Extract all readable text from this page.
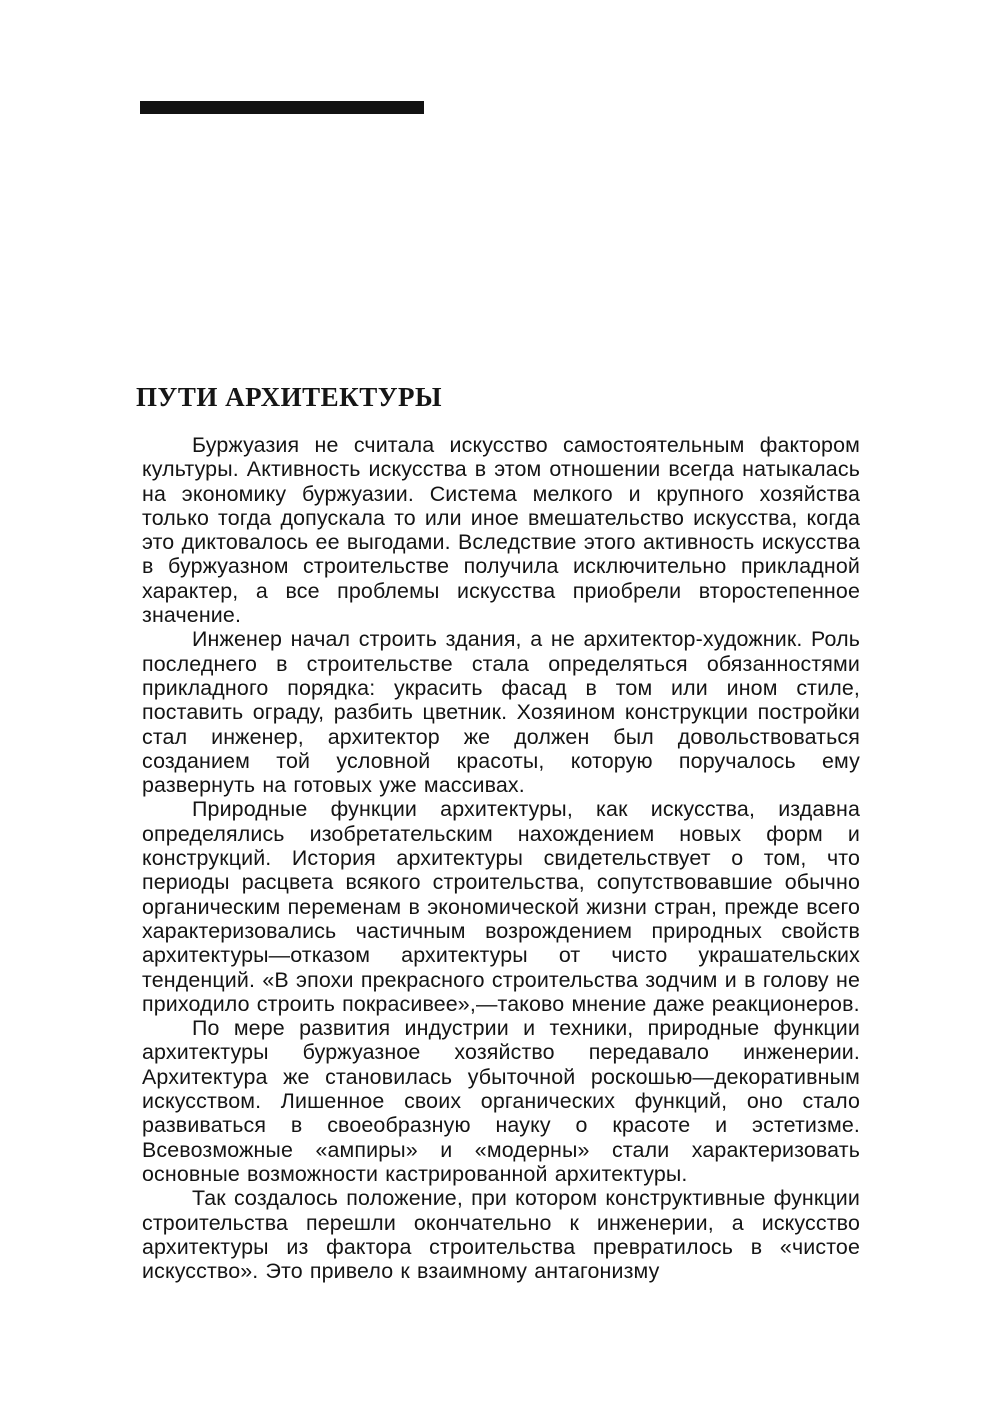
ПУТИ АРХИТЕКТУРЫ

Буржуазия не считала искусство самостоятельным фактором культуры. Активность искусства в этом отношении всегда натыкалась на экономику буржуазии. Система мелкого и крупного хозяйства только тогда допускала то или иное вмешательство искусства, когда это диктовалось ее выгодами. Вследствие этого активность искусства в буржуазном строительстве получила исключительно прикладной характер, а все проблемы искусства приобрели второстепенное значение.

Инженер начал строить здания, а не архитектор-художник. Роль последнего в строительстве стала определяться обязанностями прикладного порядка: украсить фасад в том или ином стиле, поставить ограду, разбить цветник. Хозяином конструкции постройки стал инженер, архитектор же должен был довольствоваться созданием той условной красоты, которую поручалось ему развернуть на готовых уже массивах.

Природные функции архитектуры, как искусства, издавна определялись изобретательским нахождением новых форм и конструкций. История архитектуры свидетельствует о том, что периоды расцвета всякого строительства, сопутствовавшие обычно органическим переменам в экономической жизни стран, прежде всего характеризовались частичным возрождением природных свойств архитектуры—отказом архитектуры от чисто украшательских тенденций. «В эпохи прекрасного строительства зодчим и в голову не приходило строить покрасивее»,—таково мнение даже реакционеров.

По мере развития индустрии и техники, природные функции архитектуры буржуазное хозяйство передавало инженерии. Архитектура же становилась убыточной роскошью—декоративным искусством. Лишенное своих органических функций, оно стало развиваться в своеобразную науку о красоте и эстетизме. Всевозможные «ампиры» и «модерны» стали характеризовать основные возможности кастрированной архитектуры.

Так создалось положение, при котором конструктивные функции строительства перешли окончательно к инженерии, а искусство архитектуры из фактора строительства превратилось в «чистое искусство». Это привело к взаимному антагонизму
